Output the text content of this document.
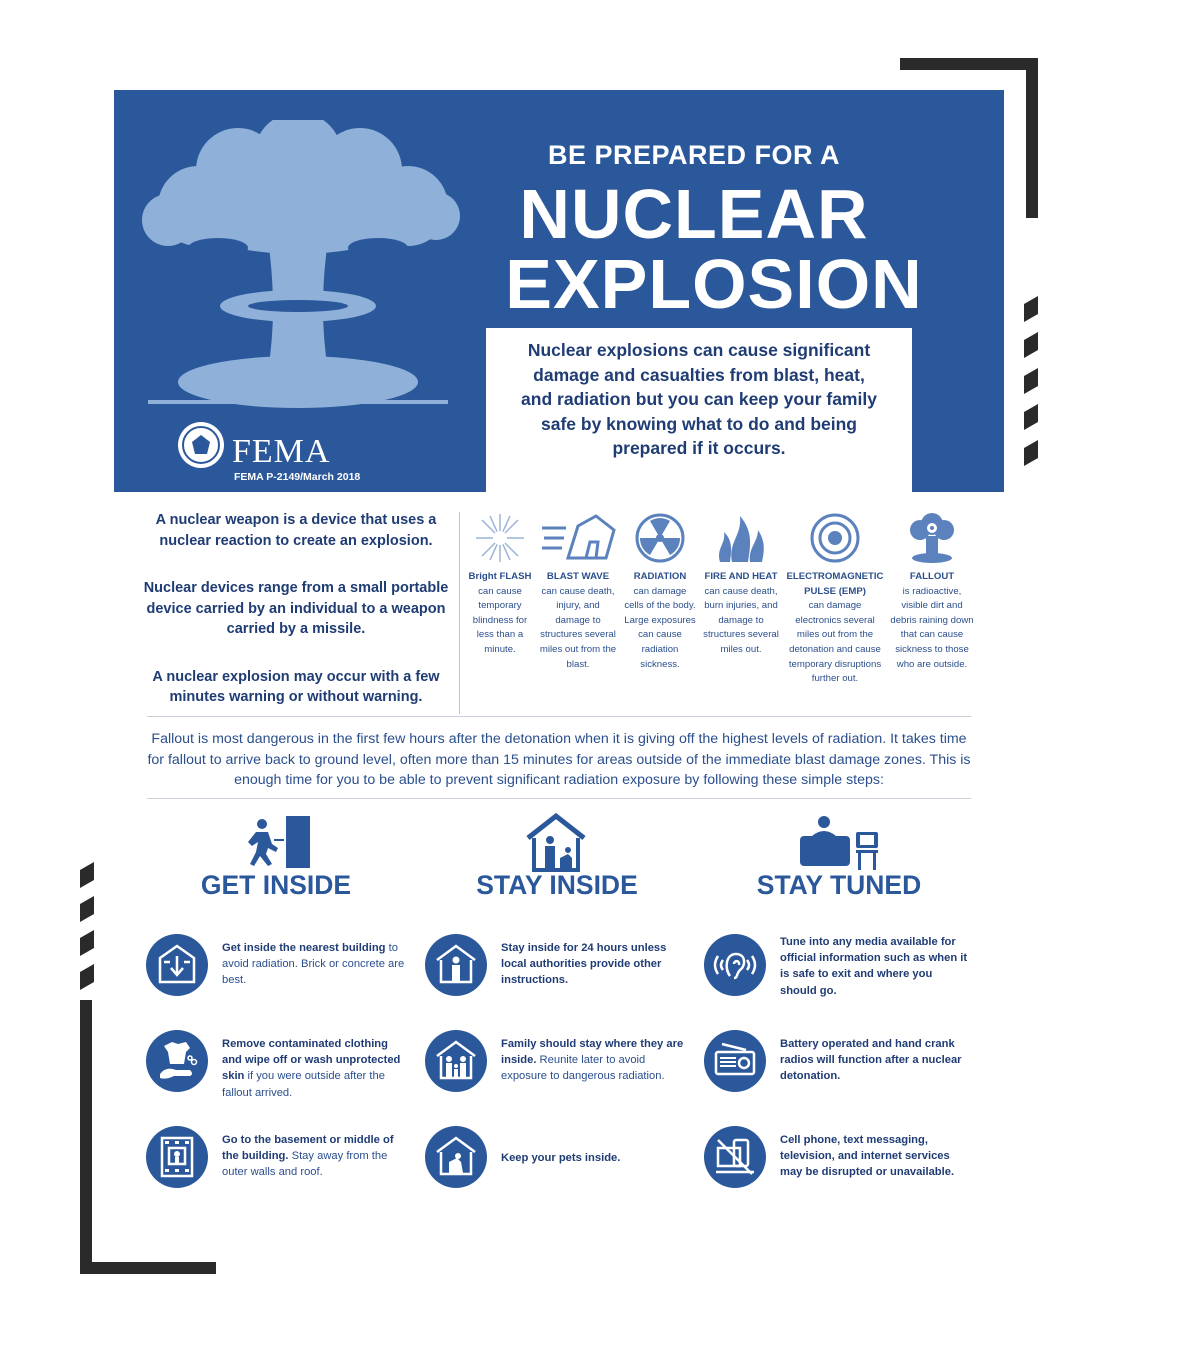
BE PREPARED FOR A
NUCLEAR
EXPLOSION

Nuclear explosions can cause significant damage and casualties from blast, heat, and radiation but you can keep your family safe by knowing what to do and being prepared if it occurs.

FEMA
FEMA P-2149/March 2018

A nuclear weapon is a device that uses a nuclear reaction to create an explosion.

Nuclear devices range from a small portable device carried by an individual to a weapon carried by a missile.

A nuclear explosion may occur with a few minutes warning or without warning.

Bright FLASH
can cause temporary blindness for less than a minute.
BLAST WAVE
can cause death, injury, and damage to structures several miles out from the blast.
RADIATION
can damage cells of the body. Large exposures can cause radiation sickness.
FIRE AND HEAT
can cause death, burn injuries, and damage to structures several miles out.
ELECTROMAGNETIC PULSE (EMP)
can damage electronics several miles out from the detonation and cause temporary disruptions further out.
FALLOUT
is radioactive, visible dirt and debris raining down that can cause sickness to those who are outside.
Fallout is most dangerous in the first few hours after the detonation when it is giving off the highest levels of radiation. It takes time for fallout to arrive back to ground level, often more than 15 minutes for areas outside of the immediate blast damage zones. This is enough time for you to be able to prevent significant radiation exposure by following these simple steps:
GET INSIDE	STAY INSIDE	STAY TUNED
Get inside the nearest building to avoid radiation. Brick or concrete are best.
Remove contaminated clothing and wipe off or wash unprotected skin if you were outside after the fallout arrived.
Go to the basement or middle of the building. Stay away from the outer walls and roof.
Stay inside for 24 hours unless local authorities provide other instructions.
Family should stay where they are inside. Reunite later to avoid exposure to dangerous radiation.
Keep your pets inside.
Tune into any media available for official information such as when it is safe to exit and where you should go.
Battery operated and hand crank radios will function after a nuclear detonation.
Cell phone, text messaging, television, and internet services may be disrupted or unavailable.
